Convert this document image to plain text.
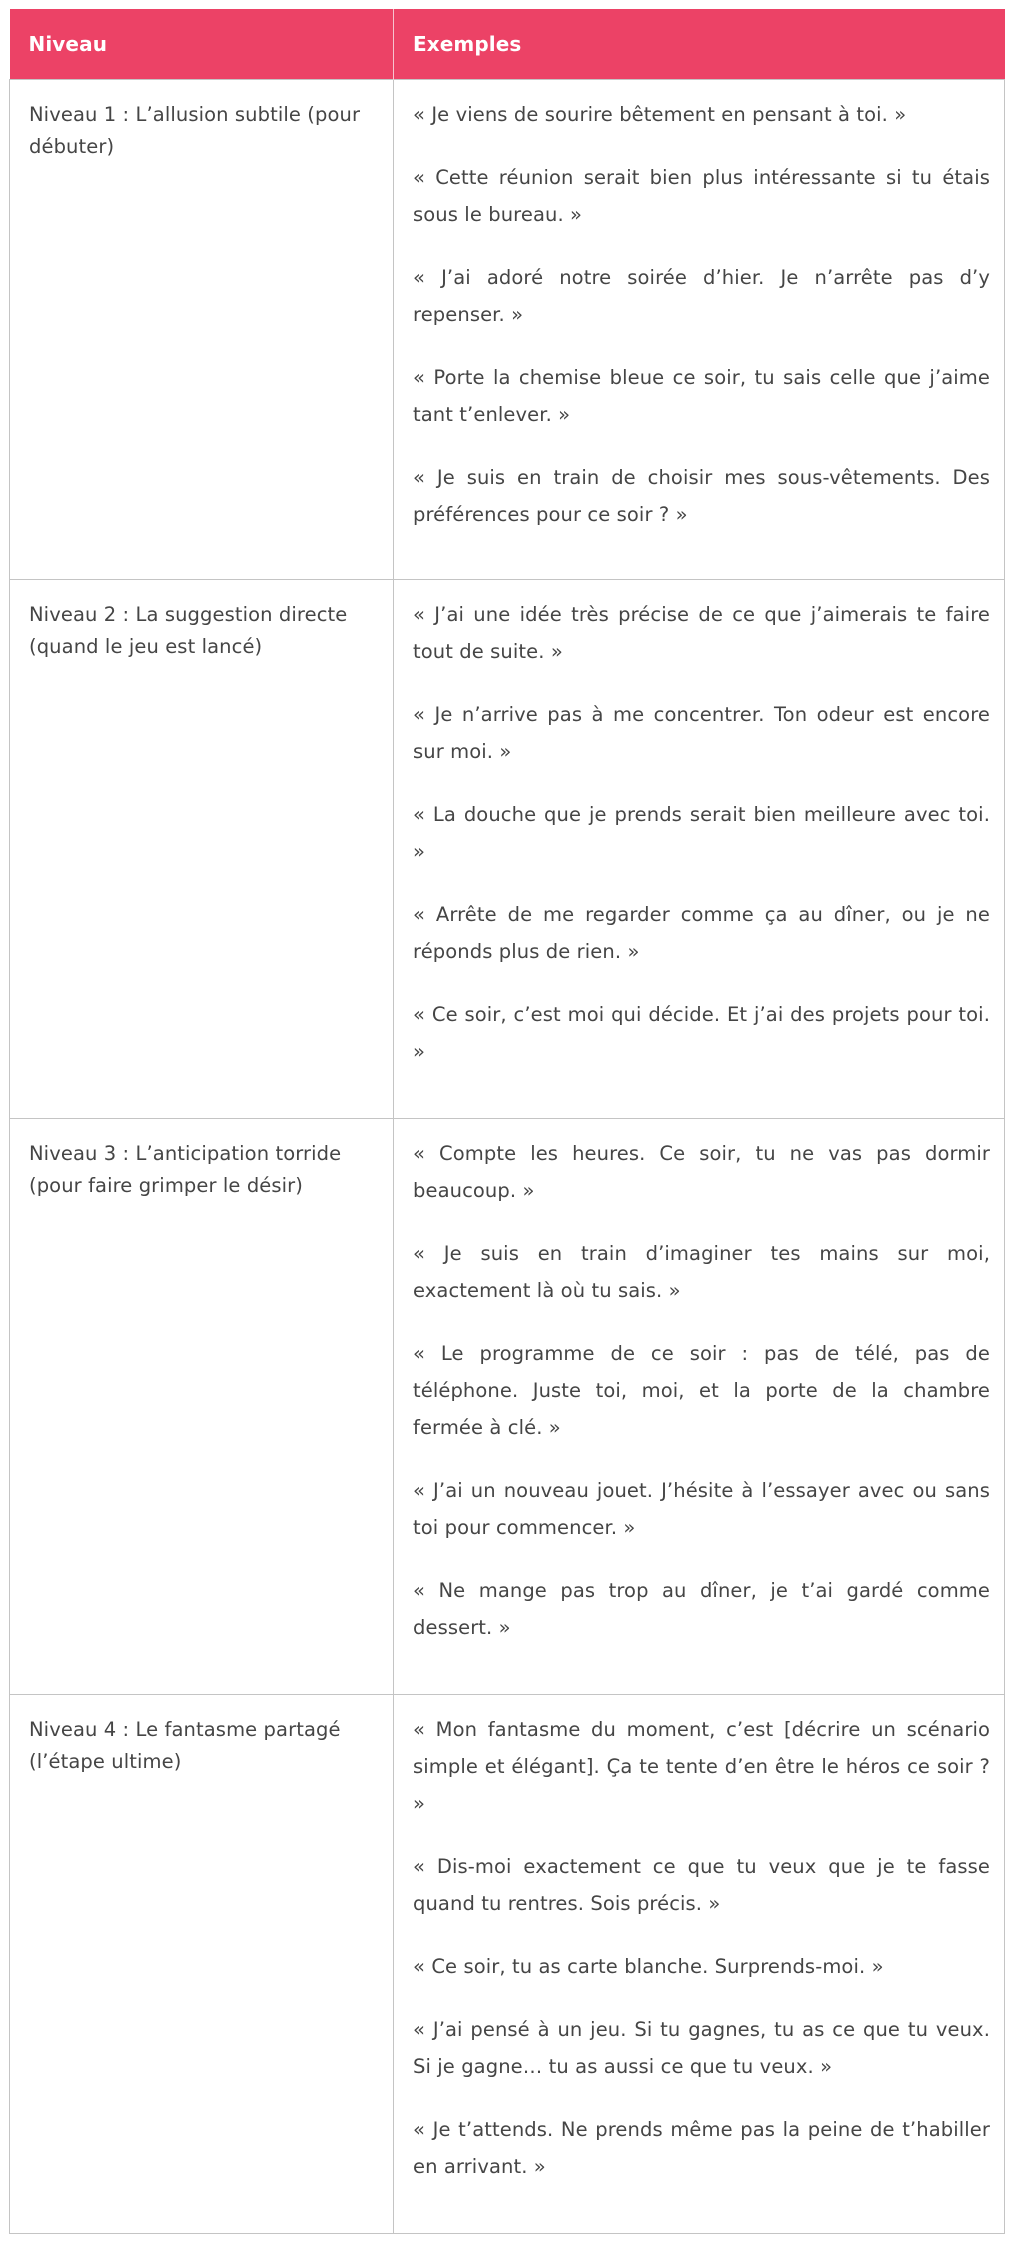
Niveau	Exemples
Niveau 1 : L’allusion subtile (pour débuter)	« Je viens de sourire bêtement en pensant à toi. »

« Cette réunion serait bien plus intéressante si tu étais sous le bureau. »

« J’ai adoré notre soirée d’hier. Je n’arrête pas d’y repenser. »

« Porte la chemise bleue ce soir, tu sais celle que j’aime tant t’enlever. »

« Je suis en train de choisir mes sous-vêtements. Des préférences pour ce soir ? »

Niveau 2 : La suggestion directe (quand le jeu est lancé)	« J’ai une idée très précise de ce que j’aimerais te faire tout de suite. »

« Je n’arrive pas à me concentrer. Ton odeur est encore sur moi. »

« La douche que je prends serait bien meilleure avec toi. »

« Arrête de me regarder comme ça au dîner, ou je ne réponds plus de rien. »

« Ce soir, c’est moi qui décide. Et j’ai des projets pour toi. »

Niveau 3 : L’anticipation torride (pour faire grimper le désir)	« Compte les heures. Ce soir, tu ne vas pas dormir beaucoup. »

« Je suis en train d’imaginer tes mains sur moi, exactement là où tu sais. »

« Le programme de ce soir : pas de télé, pas de téléphone. Juste toi, moi, et la porte de la chambre fermée à clé. »

« J’ai un nouveau jouet. J’hésite à l’essayer avec ou sans toi pour commencer. »

« Ne mange pas trop au dîner, je t’ai gardé comme dessert. »

Niveau 4 : Le fantasme partagé (l’étape ultime)	« Mon fantasme du moment, c’est [décrire un scénario simple et élégant]. Ça te tente d’en être le héros ce soir ? »

« Dis-moi exactement ce que tu veux que je te fasse quand tu rentres. Sois précis. »

« Ce soir, tu as carte blanche. Surprends-moi. »

« J’ai pensé à un jeu. Si tu gagnes, tu as ce que tu veux. Si je gagne… tu as aussi ce que tu veux. »

« Je t’attends. Ne prends même pas la peine de t’habiller en arrivant. »
